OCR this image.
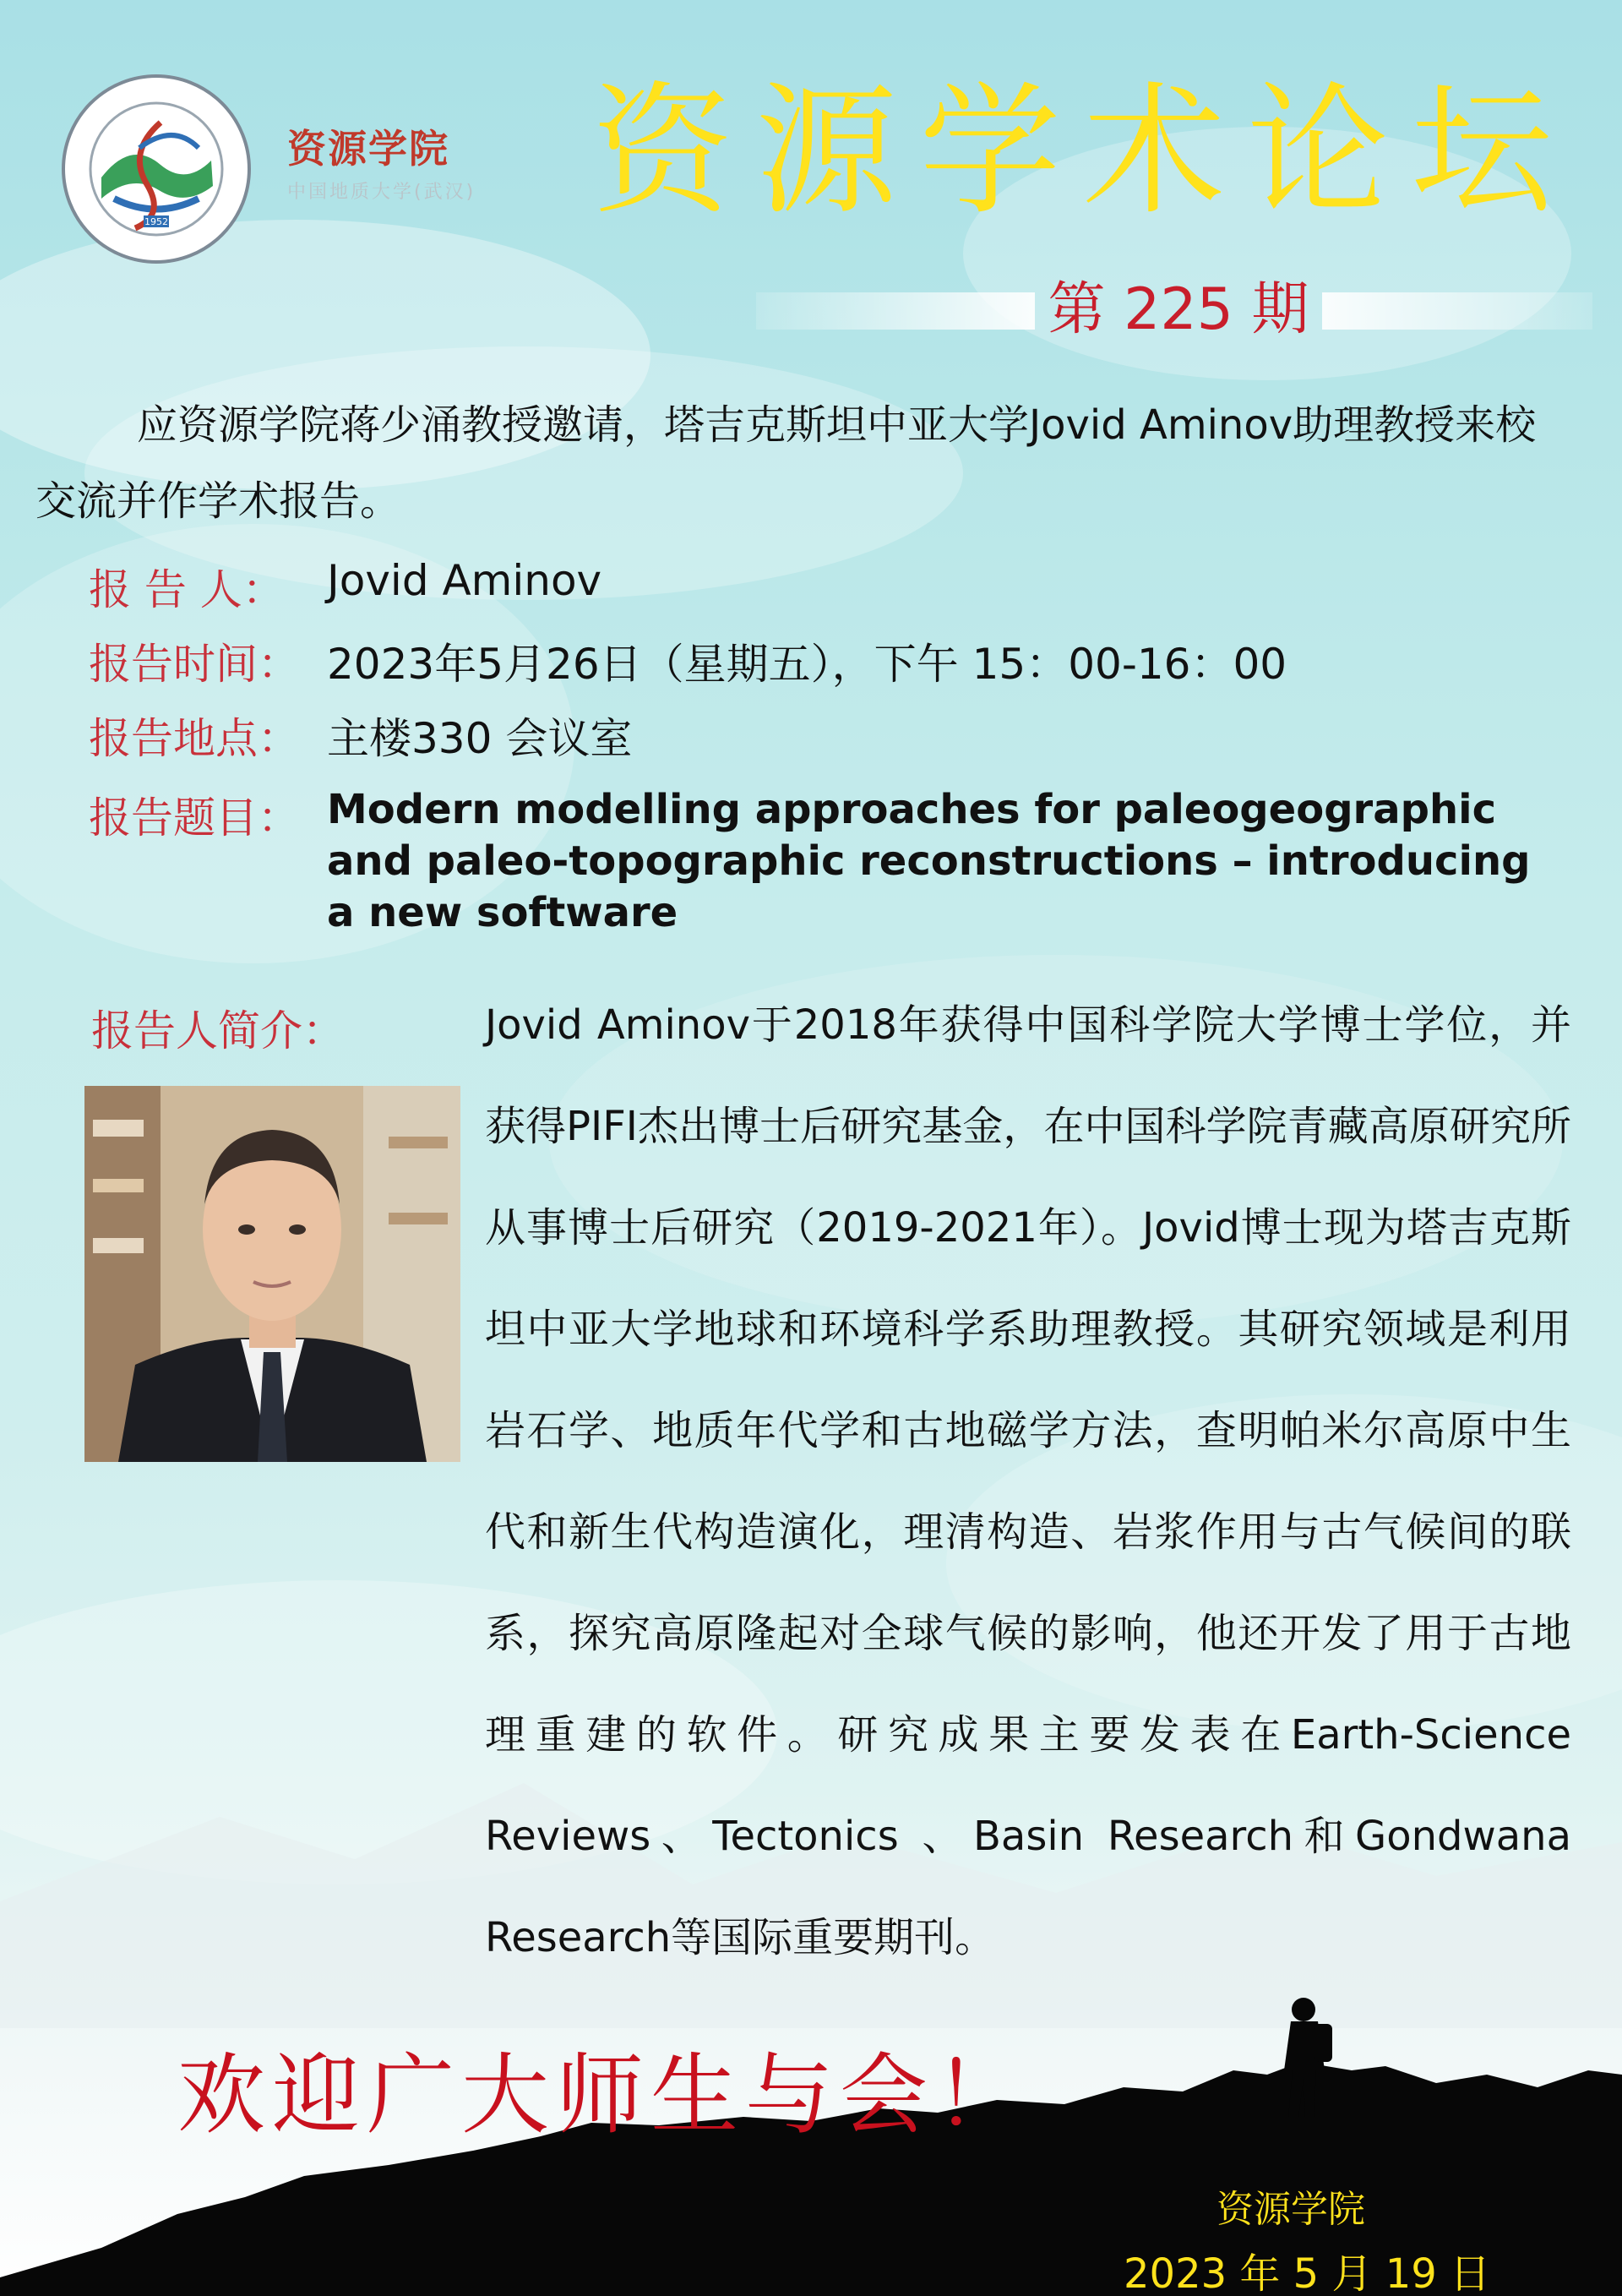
1952
资源学院
中国地质大学(武汉) 资源学术论坛
第 225 期
应资源学院蒋少涌教授邀请，塔吉克斯坦中亚大学Jovid Aminov助理教授来校交流并作学术报告。
报 告 人： Jovid Aminov
报告时间： 2023年5月26日（星期五），下午 15：00-16：00
报告地点： 主楼330 会议室
报告题目： Modern modelling approaches for paleogeographic and paleo-topographic reconstructions – introducing a new software
报告人简介：	Jovid Aminov于2018年获得中国科学院大学博士学位，并获得PIFI杰出博士后研究基金，在中国科学院青藏高原研究所从事博士后研究（2019-2021年）。Jovid博士现为塔吉克斯坦中亚大学地球和环境科学系助理教授。其研究领域是利用岩石学、地质年代学和古地磁学方法，查明帕米尔高原中生代和新生代构造演化，理清构造、岩浆作用与古气候间的联系，探究高原隆起对全球气候的影响，他还开发了用于古地理重建的软件。研究成果主要发表在Earth-Science Reviews、Tectonics 、Basin Research和Gondwana Research等国际重要期刊。
欢迎广大师生与会！
资源学院
2023 年 5 月 19 日
